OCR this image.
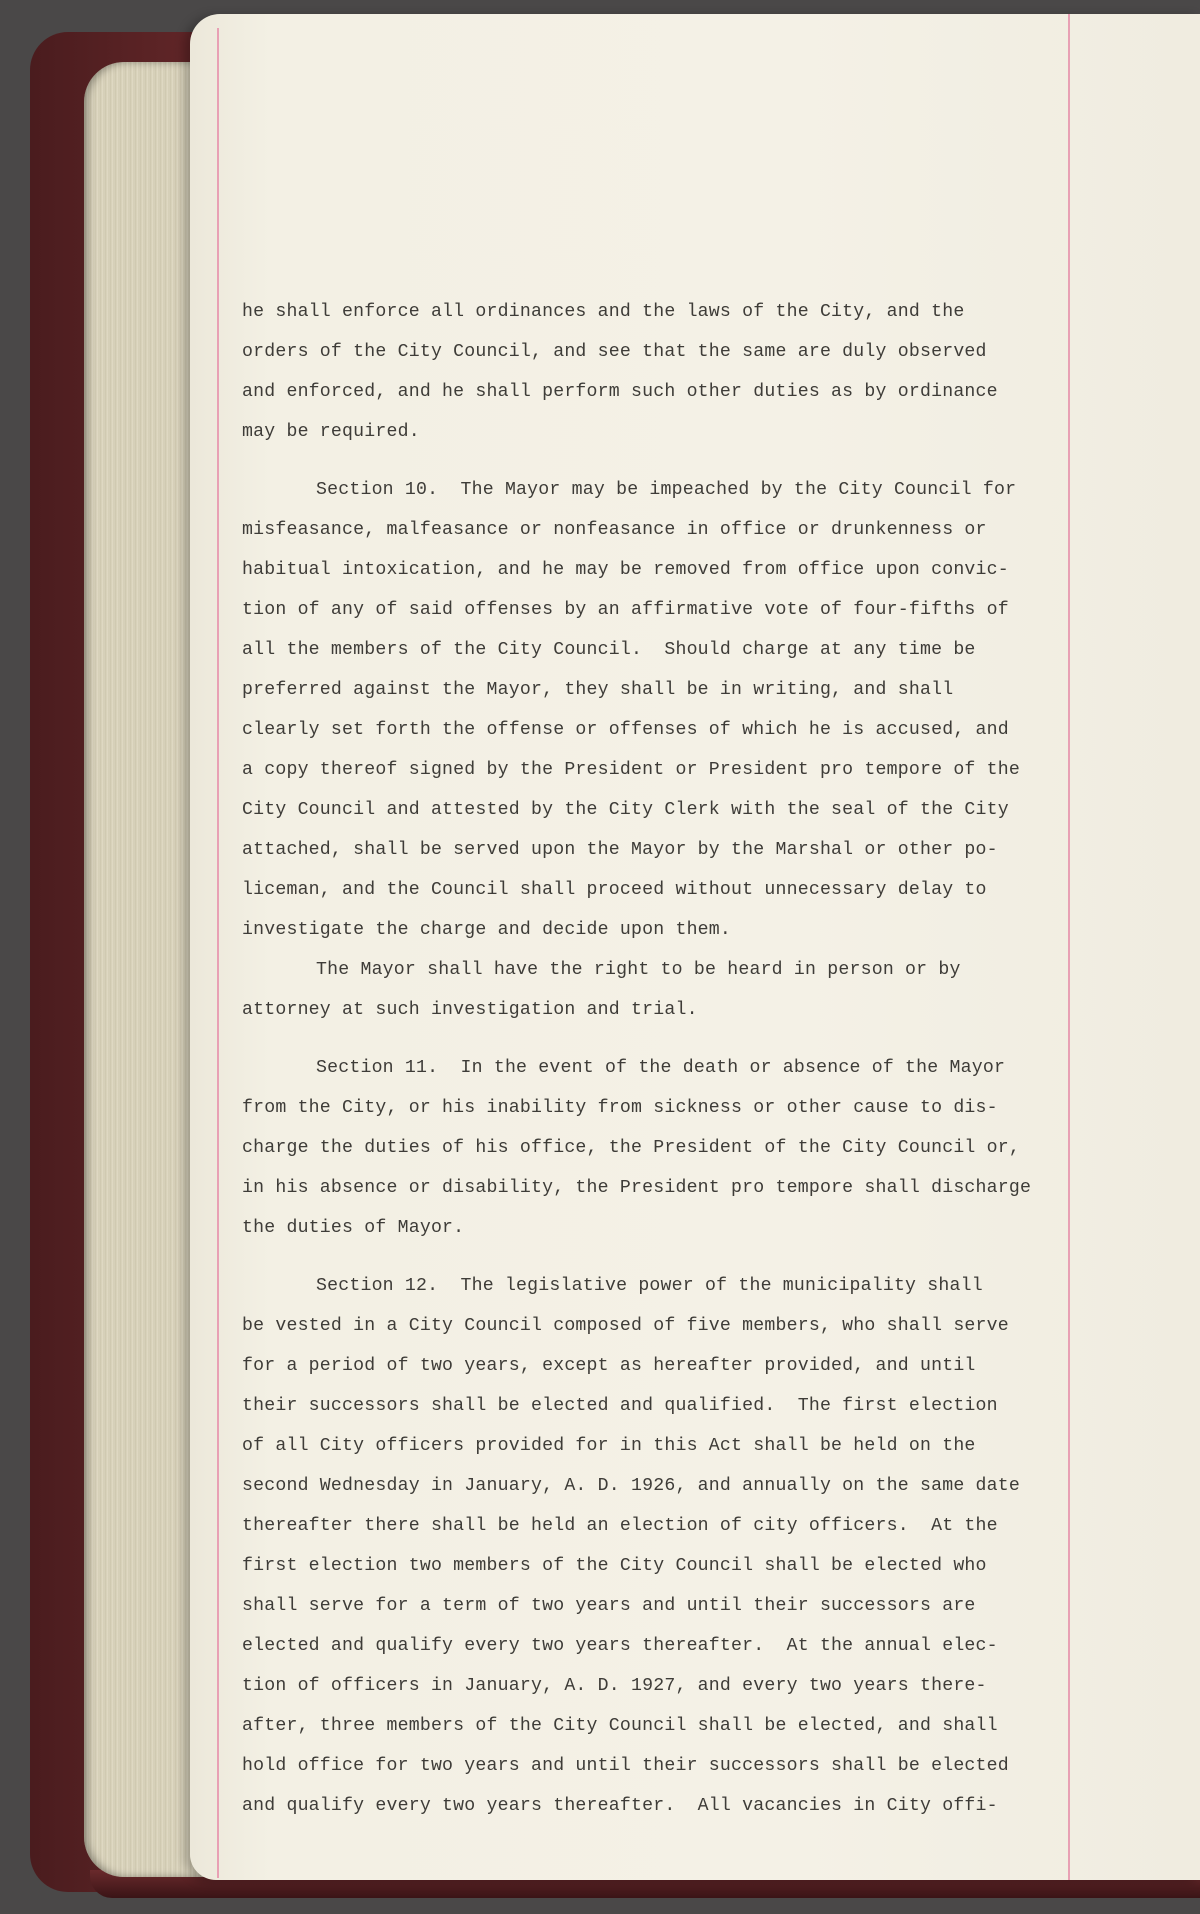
he shall enforce all ordinances and the laws of the City, and the
orders of the City Council, and see that the same are duly observed
and enforced, and he shall perform such other duties as by ordinance
may be required.

Section 10.  The Mayor may be impeached by the City Council for
misfeasance, malfeasance or nonfeasance in office or drunkenness or
habitual intoxication, and he may be removed from office upon convic-
tion of any of said offenses by an affirmative vote of four-fifths of
all the members of the City Council.  Should charge at any time be
preferred against the Mayor, they shall be in writing, and shall
clearly set forth the offense or offenses of which he is accused, and
a copy thereof signed by the President or President pro tempore of the
City Council and attested by the City Clerk with the seal of the City
attached, shall be served upon the Mayor by the Marshal or other po-
liceman, and the Council shall proceed without unnecessary delay to
investigate the charge and decide upon them.

The Mayor shall have the right to be heard in person or by
attorney at such investigation and trial.

Section 11.  In the event of the death or absence of the Mayor
from the City, or his inability from sickness or other cause to dis-
charge the duties of his office, the President of the City Council or,
in his absence or disability, the President pro tempore shall discharge
the duties of Mayor.

Section 12.  The legislative power of the municipality shall
be vested in a City Council composed of five members, who shall serve
for a period of two years, except as hereafter provided, and until
their successors shall be elected and qualified.  The first election
of all City officers provided for in this Act shall be held on the
second Wednesday in January, A. D. 1926, and annually on the same date
thereafter there shall be held an election of city officers.  At the
first election two members of the City Council shall be elected who
shall serve for a term of two years and until their successors are
elected and qualify every two years thereafter.  At the annual elec-
tion of officers in January, A. D. 1927, and every two years there-
after, three members of the City Council shall be elected, and shall
hold office for two years and until their successors shall be elected
and qualify every two years thereafter.  All vacancies in City offi-
